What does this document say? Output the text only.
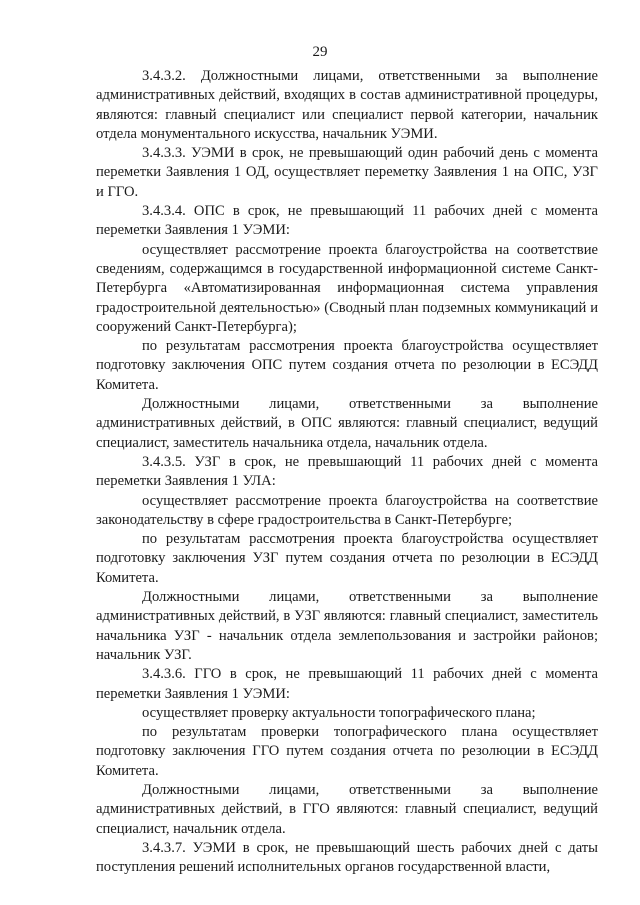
29

3.4.3.2. Должностными лицами, ответственными за выполнение административных действий, входящих в состав административной процедуры, являются: главный специалист или специалист первой категории, начальник отдела монументального искусства, начальник УЭМИ.

3.4.3.3. УЭМИ в срок, не превышающий один рабочий день с момента переметки Заявления 1 ОД, осуществляет переметку Заявления 1 на ОПС, УЗГ и ГГО.

3.4.3.4. ОПС в срок, не превышающий 11 рабочих дней с момента переметки Заявления 1 УЭМИ:

осуществляет рассмотрение проекта благоустройства на соответствие сведениям, содержащимся в государственной информационной системе Санкт-Петербурга «Автоматизированная информационная система управления градостроительной деятельностью» (Сводный план подземных коммуникаций и сооружений Санкт-Петербурга);

по результатам рассмотрения проекта благоустройства осуществляет подготовку заключения ОПС путем создания отчета по резолюции в ЕСЭДД Комитета.

Должностными лицами, ответственными за выполнение административных действий, в ОПС являются: главный специалист, ведущий специалист, заместитель начальника отдела, начальник отдела.

3.4.3.5. УЗГ в срок, не превышающий 11 рабочих дней с момента переметки Заявления 1 УЛА:

осуществляет рассмотрение проекта благоустройства на соответствие законодательству в сфере градостроительства в Санкт-Петербурге;

по результатам рассмотрения проекта благоустройства осуществляет подготовку заключения УЗГ путем создания отчета по резолюции в ЕСЭДД Комитета.

Должностными лицами, ответственными за выполнение административных действий, в УЗГ являются: главный специалист, заместитель начальника УЗГ - начальник отдела землепользования и застройки районов; начальник УЗГ.

3.4.3.6. ГГО в срок, не превышающий 11 рабочих дней с момента переметки Заявления 1 УЭМИ:

осуществляет проверку актуальности топографического плана;

по результатам проверки топографического плана осуществляет подготовку заключения ГГО путем создания отчета по резолюции в ЕСЭДД Комитета.

Должностными лицами, ответственными за выполнение административных действий, в ГГО являются: главный специалист, ведущий специалист, начальник отдела.

3.4.3.7. УЭМИ в срок, не превышающий шесть рабочих дней с даты поступления решений исполнительных органов государственной власти,
